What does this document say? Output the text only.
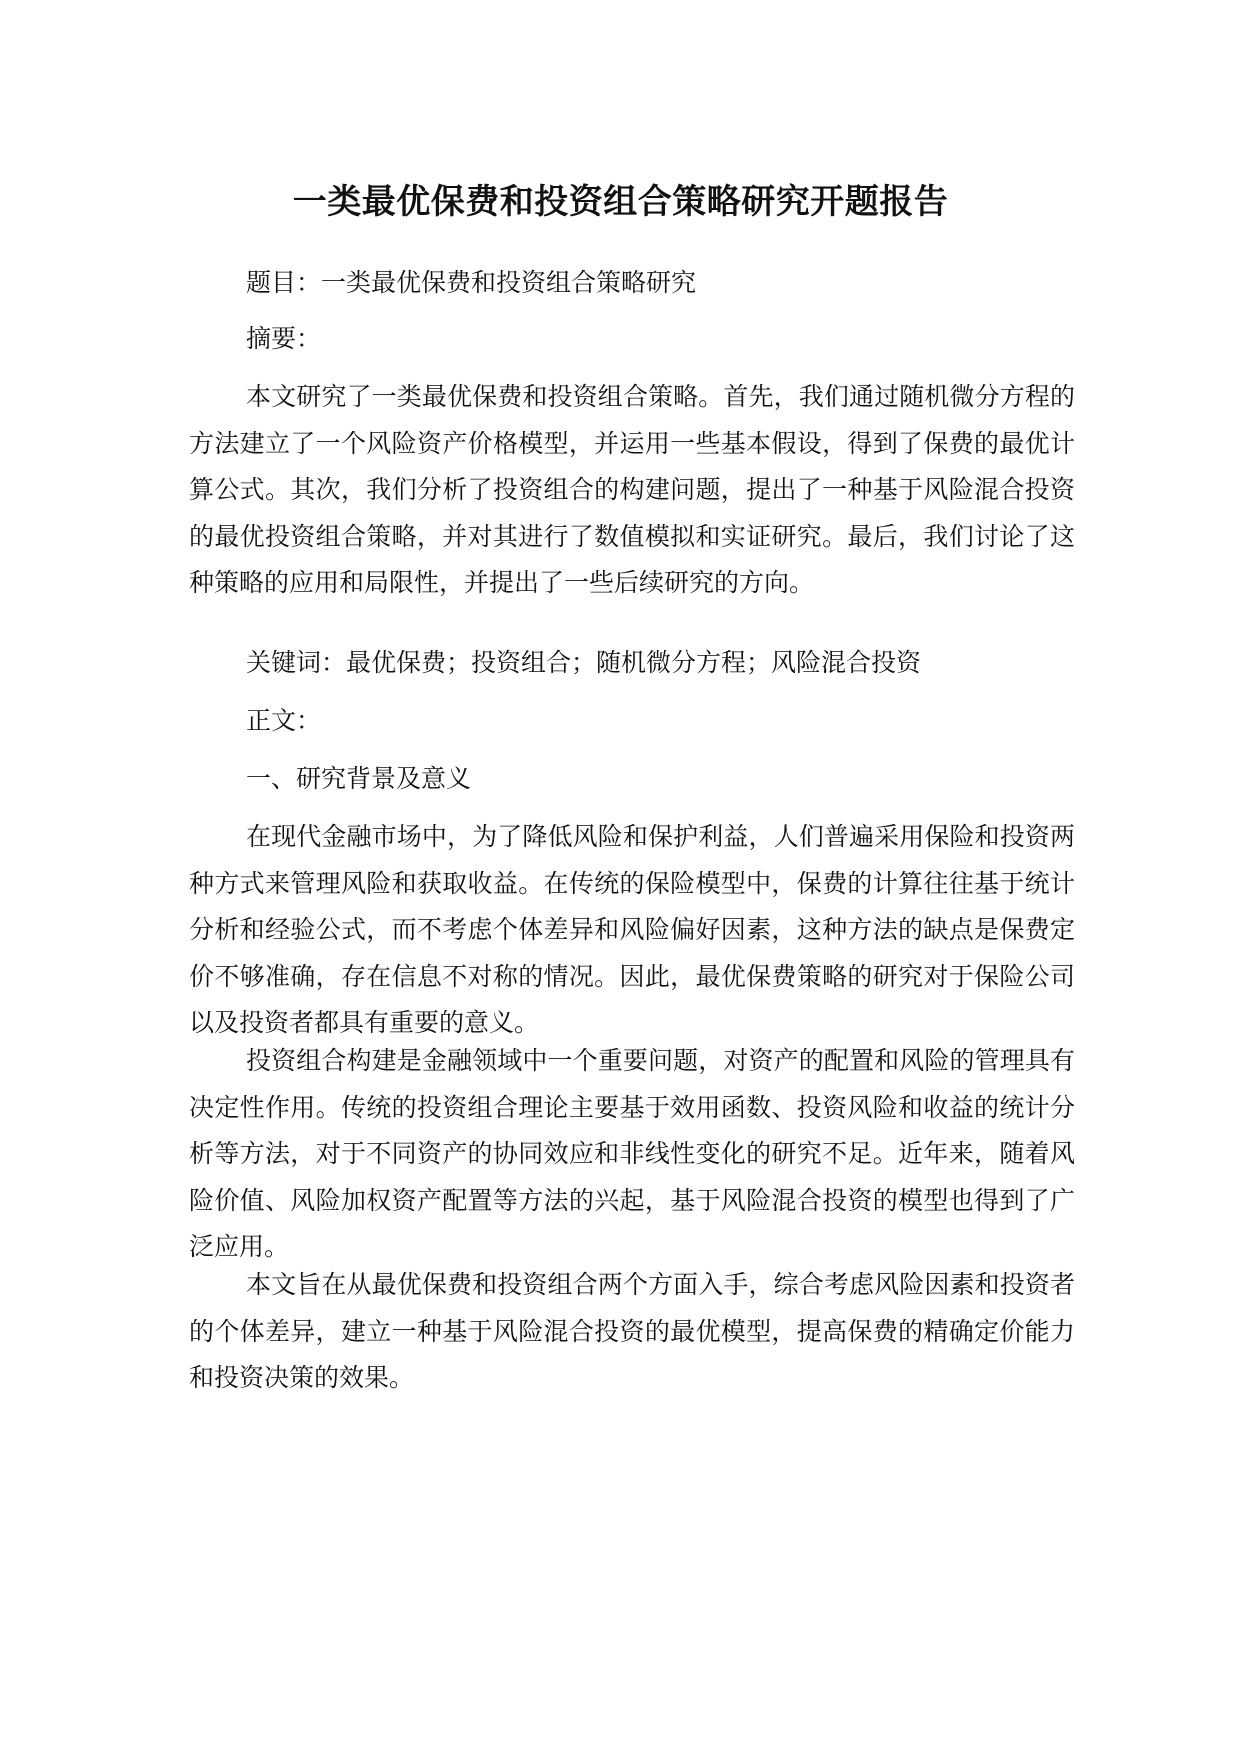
一类最优保费和投资组合策略研究开题报告

题目：一类最优保费和投资组合策略研究

摘要：

本文研究了一类最优保费和投资组合策略。首先，我们通过随机微分方程的方法建立了一个风险资产价格模型，并运用一些基本假设，得到了保费的最优计算公式。其次，我们分析了投资组合的构建问题，提出了一种基于风险混合投资的最优投资组合策略，并对其进行了数值模拟和实证研究。最后，我们讨论了这种策略的应用和局限性，并提出了一些后续研究的方向。

关键词：最优保费；投资组合；随机微分方程；风险混合投资

正文：

一、研究背景及意义

在现代金融市场中，为了降低风险和保护利益，人们普遍采用保险和投资两种方式来管理风险和获取收益。在传统的保险模型中，保费的计算往往基于统计分析和经验公式，而不考虑个体差异和风险偏好因素，这种方法的缺点是保费定价不够准确，存在信息不对称的情况。因此，最优保费策略的研究对于保险公司以及投资者都具有重要的意义。

投资组合构建是金融领域中一个重要问题，对资产的配置和风险的管理具有决定性作用。传统的投资组合理论主要基于效用函数、投资风险和收益的统计分析等方法，对于不同资产的协同效应和非线性变化的研究不足。近年来，随着风险价值、风险加权资产配置等方法的兴起，基于风险混合投资的模型也得到了广泛应用。

本文旨在从最优保费和投资组合两个方面入手，综合考虑风险因素和投资者的个体差异，建立一种基于风险混合投资的最优模型，提高保费的精确定价能力和投资决策的效果。
